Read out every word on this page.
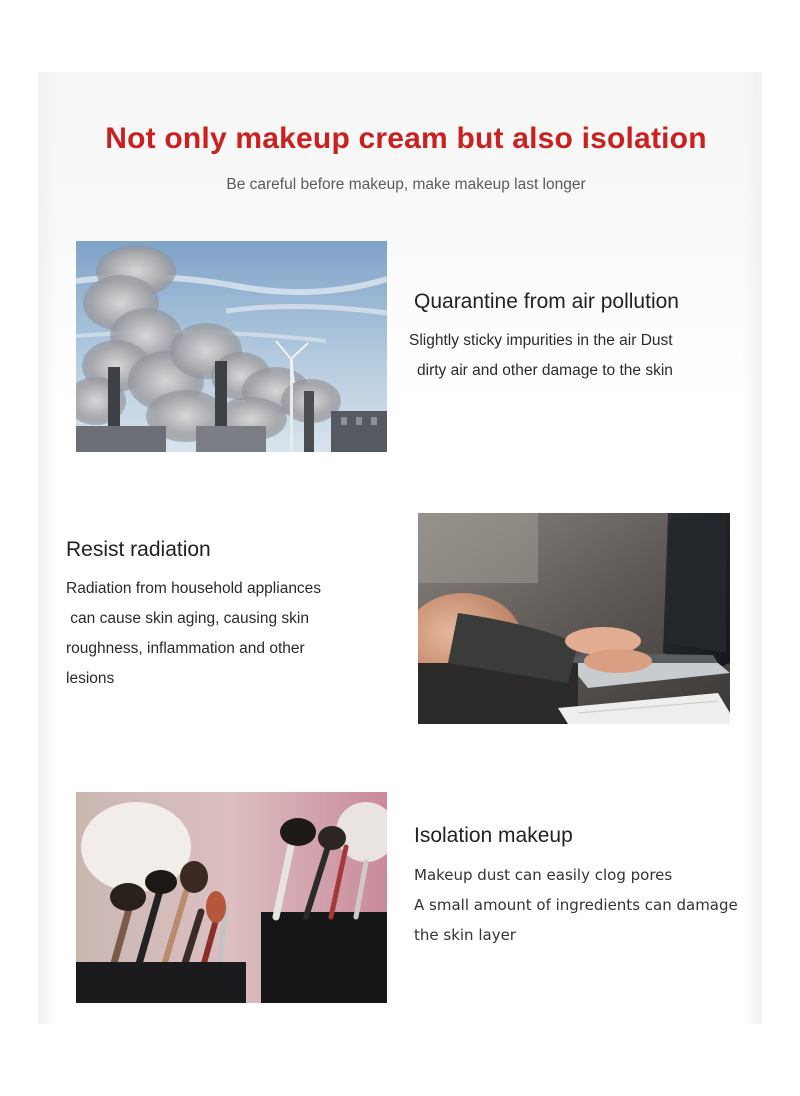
Not only makeup cream but also isolation
Be careful before makeup, make makeup last longer
Quarantine from air pollution
Slightly sticky impurities in the air Dust
dirty air and other damage to the skin
Resist radiation
Radiation from household appliances
can cause skin aging, causing skin
roughness, inflammation and other
lesions
Isolation makeup
Makeup dust can easily clog pores
A small amount of ingredients can damage
the skin layer
